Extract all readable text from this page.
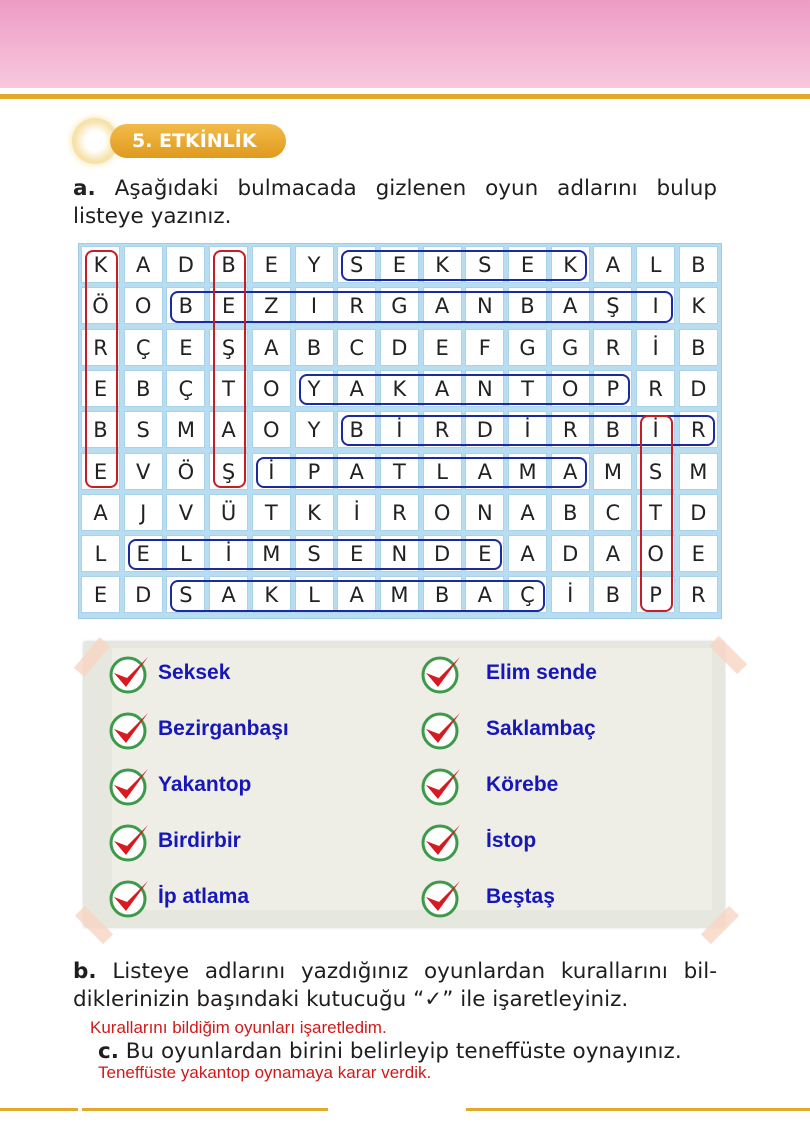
5. ETKİNLİK
a. Aşağıdaki bulmacada gizlenen oyun adlarını bulup
listeye yazınız.
K	A	D	B	E	Y	S	E	K	S	E	K	A	L	B
Ö	O	B	E	Z	I	R	G	A	N	B	A	Ş	I	K
R	Ç	E	Ş	A	B	C	D	E	F	G	G	R	İ	B
E	B	Ç	T	O	Y	A	K	A	N	T	O	P	R	D
B	S	M	A	O	Y	B	İ	R	D	İ	R	B	İ	R
E	V	Ö	Ş	İ	P	A	T	L	A	M	A	M	S	M
A	J	V	Ü	T	K	İ	R	O	N	A	B	C	T	D
L	E	L	İ	M	S	E	N	D	E	A	D	A	O	E
E	D	S	A	K	L	A	M	B	A	Ç	İ	B	P	R
Seksek	Elim sende
Bezirganbaşı	Saklambaç
Yakantop	Körebe
Birdirbir	İstop
İp atlama	Beştaş
b. Listeye adlarını yazdığınız oyunlardan kurallarını bil-
diklerinizin başındaki kutucuğu “✓” ile işaretleyiniz.
Kurallarını bildiğim oyunları işaretledim.
c. Bu oyunlardan birini belirleyip teneffüste oynayınız.
Teneffüste yakantop oynamaya karar verdik.
